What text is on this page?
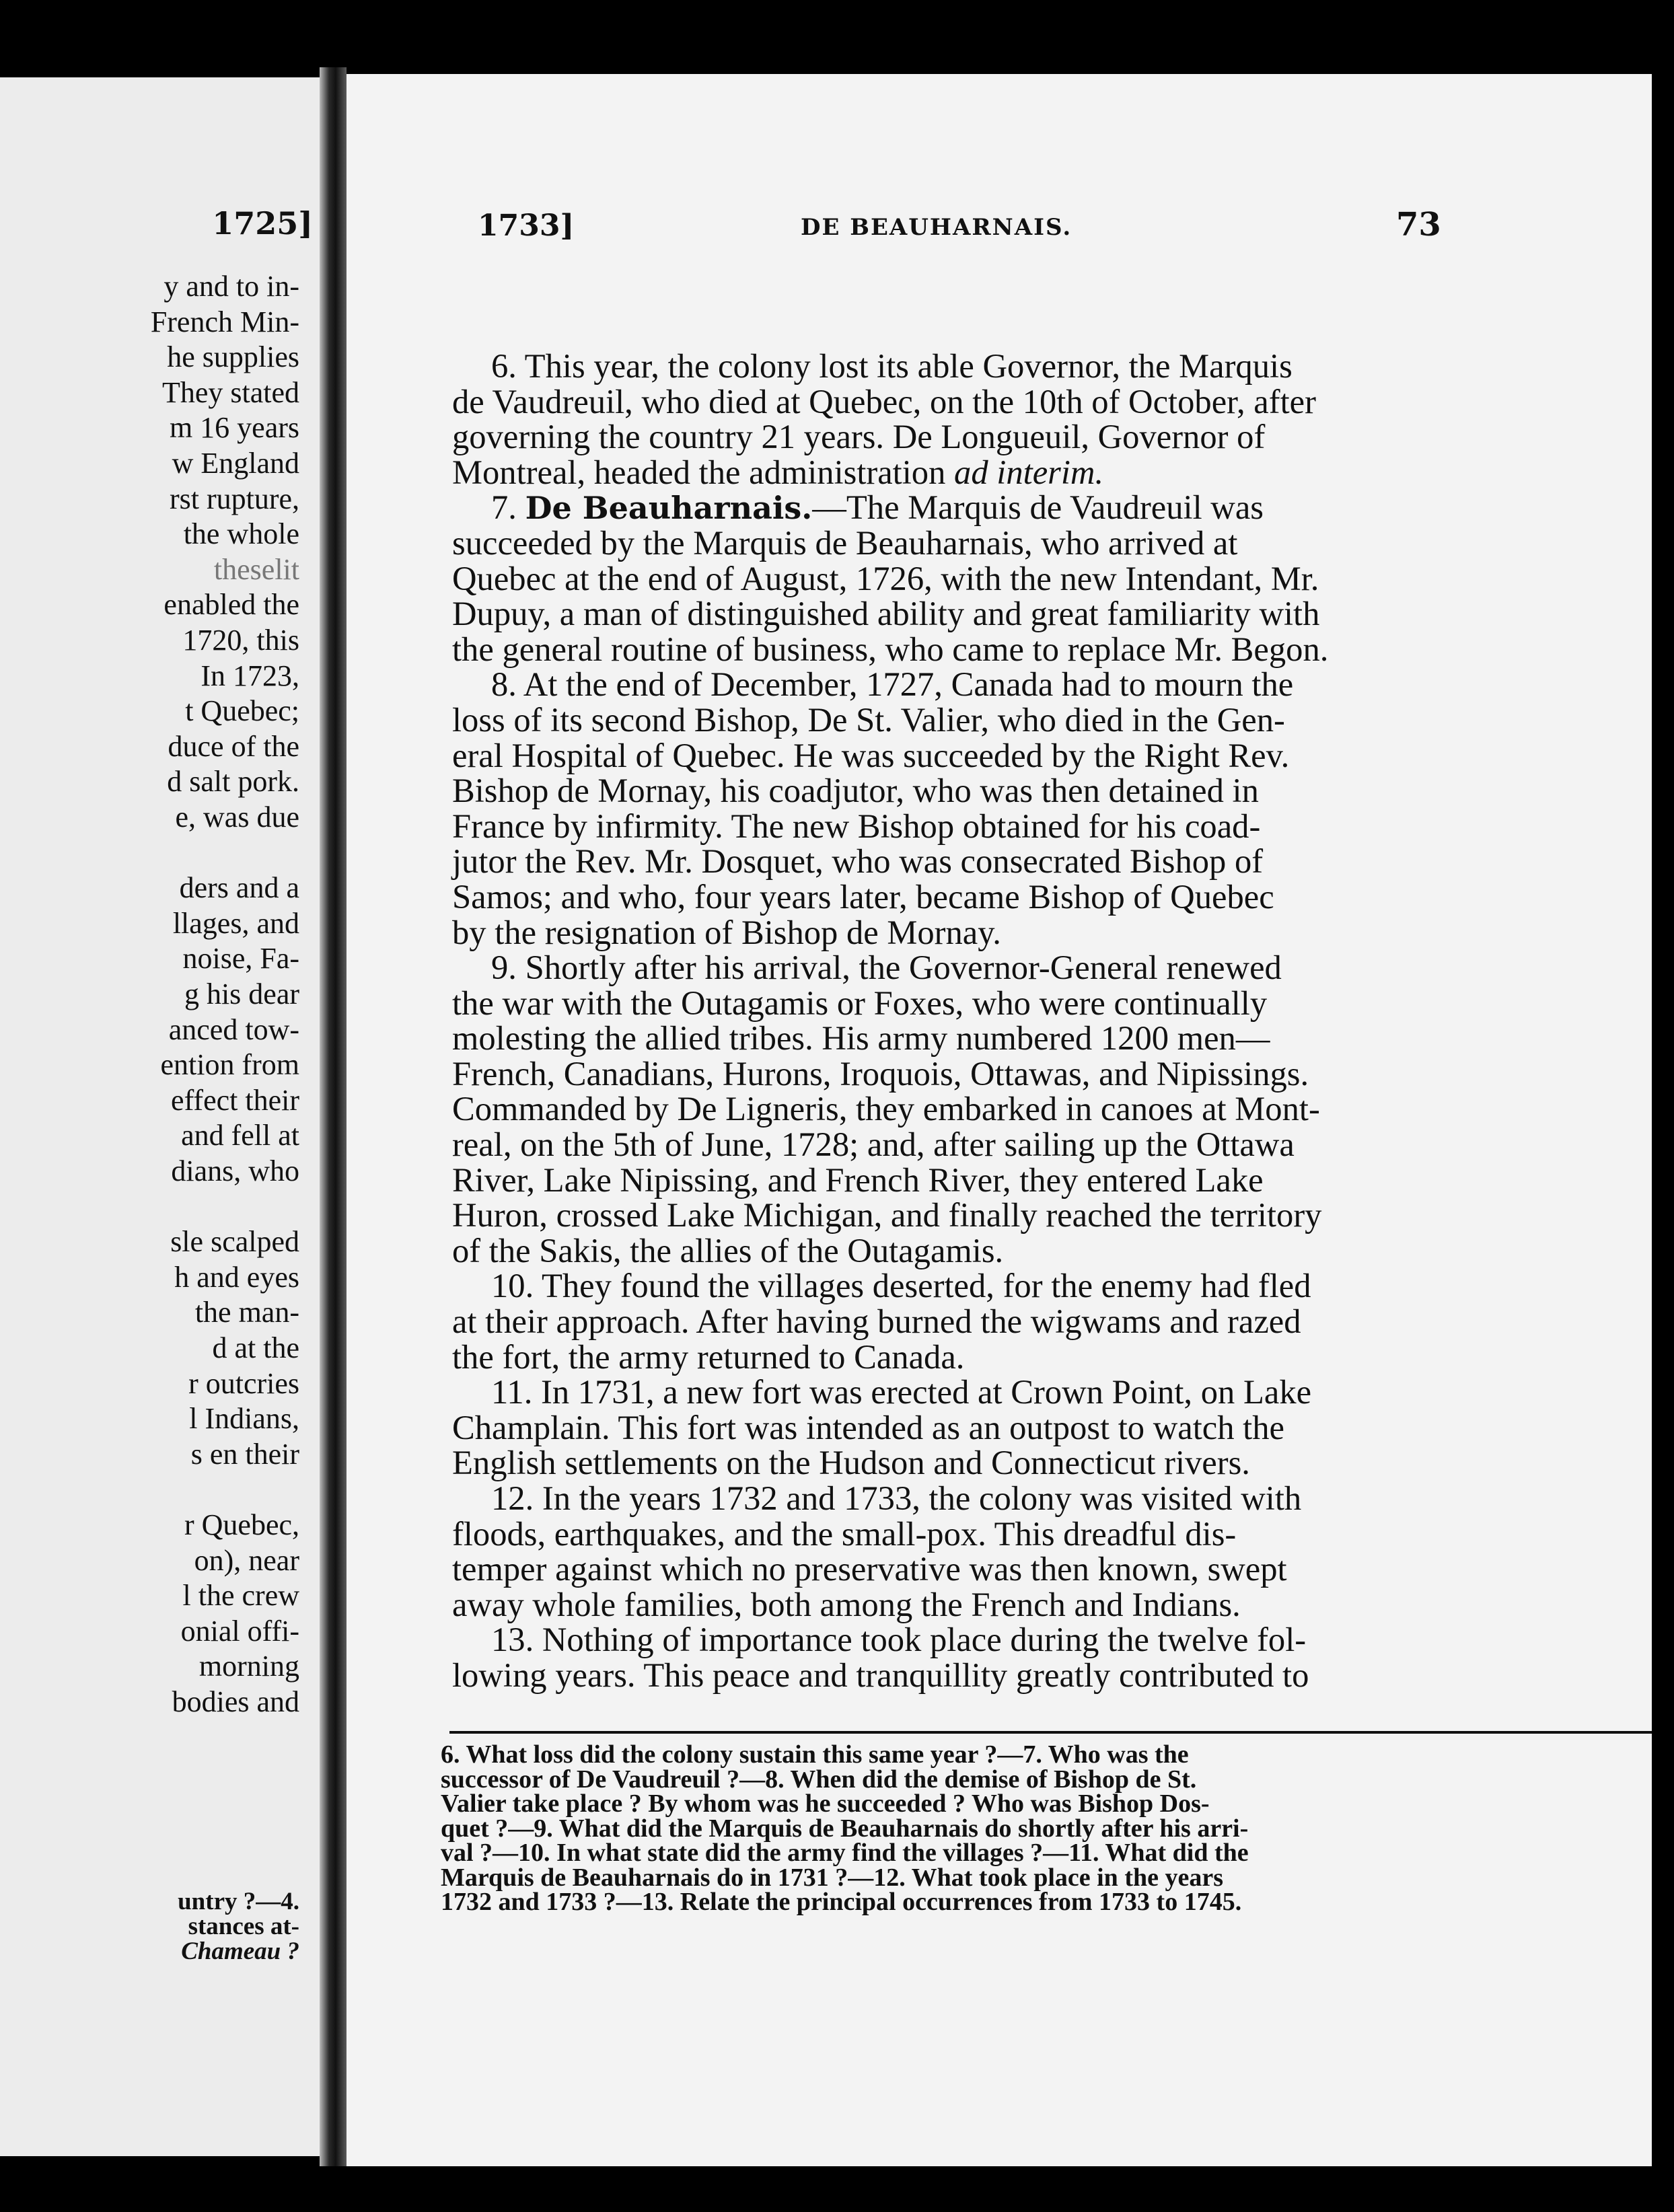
1725]
y and to in-
French Min-
he supplies
They stated
m 16 years
w England
rst rupture,
the whole
theselit
enabled the
1720, this
In 1723,
t Quebec;
duce of the
d salt pork.
e, was due
ders and a
llages, and
noise, Fa-
g his dear
anced tow-
ention from
effect their
and fell at
dians, who
sle scalped
h and eyes
the man-
d at the
r outcries
l Indians,
s en their
r Quebec,
on), near
l the crew
onial offi-
morning
bodies and
untry ?—4.
stances at-
Chameau ?
1733]	DE BEAUHARNAIS.	73
6. This year, the colony lost its able Governor, the Marquis
de Vaudreuil, who died at Quebec, on the 10th of October, after
governing the country 21 years. De Longueuil, Governor of
Montreal, headed the administration ad interim.
7. De Beauharnais.—The Marquis de Vaudreuil was
succeeded by the Marquis de Beauharnais, who arrived at
Quebec at the end of August, 1726, with the new Intendant, Mr.
Dupuy, a man of distinguished ability and great familiarity with
the general routine of business, who came to replace Mr. Begon.
8. At the end of December, 1727, Canada had to mourn the
loss of its second Bishop, De St. Valier, who died in the Gen-
eral Hospital of Quebec. He was succeeded by the Right Rev.
Bishop de Mornay, his coadjutor, who was then detained in
France by infirmity. The new Bishop obtained for his coad-
jutor the Rev. Mr. Dosquet, who was consecrated Bishop of
Samos; and who, four years later, became Bishop of Quebec
by the resignation of Bishop de Mornay.
9. Shortly after his arrival, the Governor-General renewed
the war with the Outagamis or Foxes, who were continually
molesting the allied tribes. His army numbered 1200 men—
French, Canadians, Hurons, Iroquois, Ottawas, and Nipissings.
Commanded by De Ligneris, they embarked in canoes at Mont-
real, on the 5th of June, 1728; and, after sailing up the Ottawa
River, Lake Nipissing, and French River, they entered Lake
Huron, crossed Lake Michigan, and finally reached the territory
of the Sakis, the allies of the Outagamis.
10. They found the villages deserted, for the enemy had fled
at their approach. After having burned the wigwams and razed
the fort, the army returned to Canada.
11. In 1731, a new fort was erected at Crown Point, on Lake
Champlain. This fort was intended as an outpost to watch the
English settlements on the Hudson and Connecticut rivers.
12. In the years 1732 and 1733, the colony was visited with
floods, earthquakes, and the small-pox. This dreadful dis-
temper against which no preservative was then known, swept
away whole families, both among the French and Indians.
13. Nothing of importance took place during the twelve fol-
lowing years. This peace and tranquillity greatly contributed to
6. What loss did the colony sustain this same year ?—7. Who was the
successor of De Vaudreuil ?—8. When did the demise of Bishop de St.
Valier take place ? By whom was he succeeded ? Who was Bishop Dos-
quet ?—9. What did the Marquis de Beauharnais do shortly after his arri-
val ?—10. In what state did the army find the villages ?—11. What did the
Marquis de Beauharnais do in 1731 ?—12. What took place in the years
1732 and 1733 ?—13. Relate the principal occurrences from 1733 to 1745.
